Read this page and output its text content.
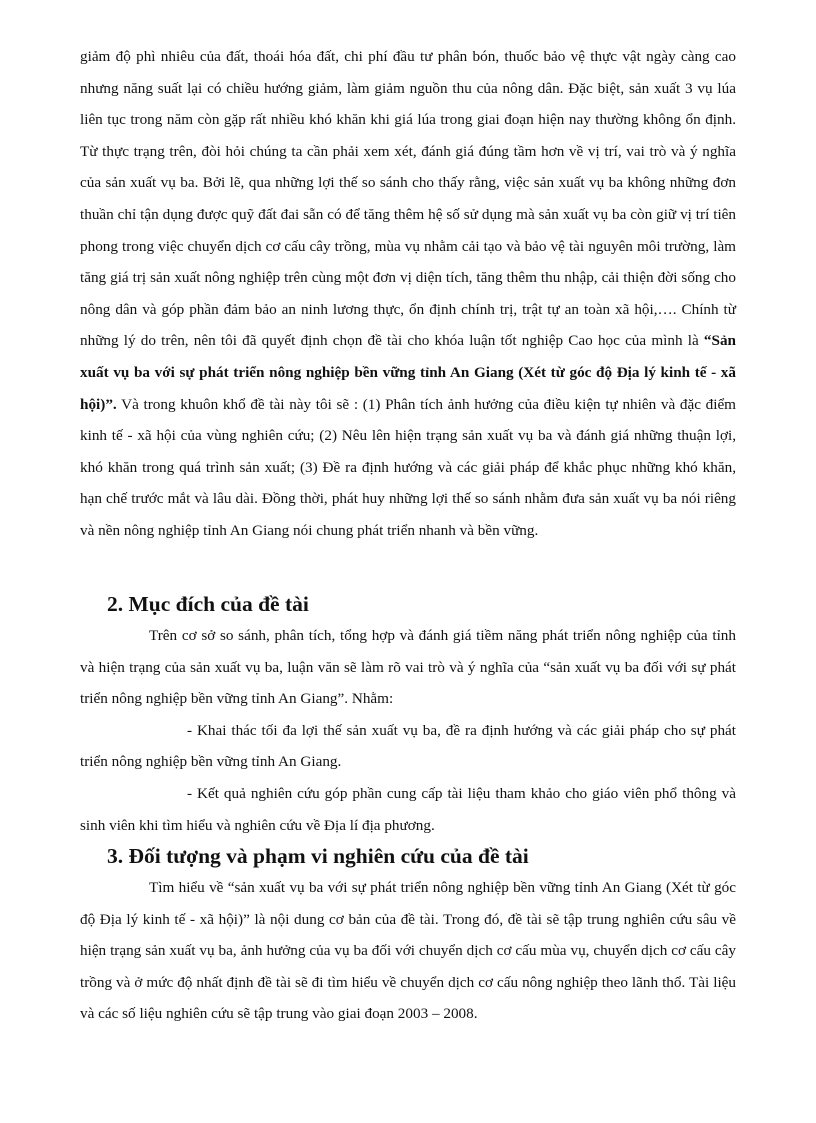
giảm độ phì nhiêu của đất, thoái hóa đất, chi phí đầu tư phân bón, thuốc bảo vệ thực vật ngày càng cao nhưng năng suất lại có chiều hướng giảm, làm giảm nguồn thu của nông dân. Đặc biệt, sản xuất 3 vụ lúa liên tục trong năm còn gặp rất nhiều khó khăn khi giá lúa trong giai đoạn hiện nay thường không ổn định. Từ thực trạng trên, đòi hỏi chúng ta cần phải xem xét, đánh giá đúng tầm hơn về vị trí, vai trò và ý nghĩa của sản xuất vụ ba. Bởi lẽ, qua những lợi thế so sánh cho thấy rằng, việc sản xuất vụ ba không những đơn thuần chỉ tận dụng được quỹ đất đai sẵn có để tăng thêm hệ số sử dụng mà sản xuất vụ ba còn giữ vị trí tiên phong trong việc chuyển dịch cơ cấu cây trồng, mùa vụ nhằm cải tạo và bảo vệ tài nguyên môi trường, làm tăng giá trị sản xuất nông nghiệp trên cùng một đơn vị diện tích, tăng thêm thu nhập, cải thiện đời sống cho nông dân và góp phần đảm bảo an ninh lương thực, ổn định chính trị, trật tự an toàn xã hội,…. Chính từ những lý do trên, nên tôi đã quyết định chọn đề tài cho khóa luận tốt nghiệp Cao học của mình là “Sản xuất vụ ba với sự phát triển nông nghiệp bền vững tỉnh An Giang (Xét từ góc độ Địa lý kinh tế - xã hội)”. Và trong khuôn khổ đề tài này tôi sẽ : (1) Phân tích ảnh hưởng của điều kiện tự nhiên và đặc điểm kinh tế - xã hội của vùng nghiên cứu; (2) Nêu lên hiện trạng sản xuất vụ ba và đánh giá những thuận lợi, khó khăn trong quá trình sản xuất; (3) Đề ra định hướng và các giải pháp để khắc phục những khó khăn, hạn chế trước mắt và lâu dài. Đồng thời, phát huy những lợi thế so sánh nhằm đưa sản xuất vụ ba nói riêng và nền nông nghiệp tỉnh An Giang nói chung phát triển nhanh và bền vững.

2. Mục đích của đề tài

Trên cơ sở so sánh, phân tích, tổng hợp và đánh giá tiềm năng phát triển nông nghiệp của tỉnh và hiện trạng của sản xuất vụ ba, luận văn sẽ làm rõ vai trò và ý nghĩa của “sản xuất vụ ba đối với sự phát triển nông nghiệp bền vững tỉnh An Giang”. Nhằm:

- Khai thác tối đa lợi thế sản xuất vụ ba, đề ra định hướng và các giải pháp cho sự phát triển nông nghiệp bền vững tỉnh An Giang.

- Kết quả nghiên cứu góp phần cung cấp tài liệu tham khảo cho giáo viên phổ thông và sinh viên khi tìm hiểu và nghiên cứu về Địa lí địa phương.

3. Đối tượng và phạm vi nghiên cứu của đề tài

Tìm hiểu về “sản xuất vụ ba với sự phát triển nông nghiệp bền vững tỉnh An Giang (Xét từ góc độ Địa lý kinh tế - xã hội)” là nội dung cơ bản của đề tài. Trong đó, đề tài sẽ tập trung nghiên cứu sâu về hiện trạng sản xuất vụ ba, ảnh hưởng của vụ ba đối với chuyển dịch cơ cấu mùa vụ, chuyển dịch cơ cấu cây trồng và ở mức độ nhất định đề tài sẽ đi tìm hiểu về chuyển dịch cơ cấu nông nghiệp theo lãnh thổ. Tài liệu và các số liệu nghiên cứu sẽ tập trung vào giai đoạn 2003 – 2008.
